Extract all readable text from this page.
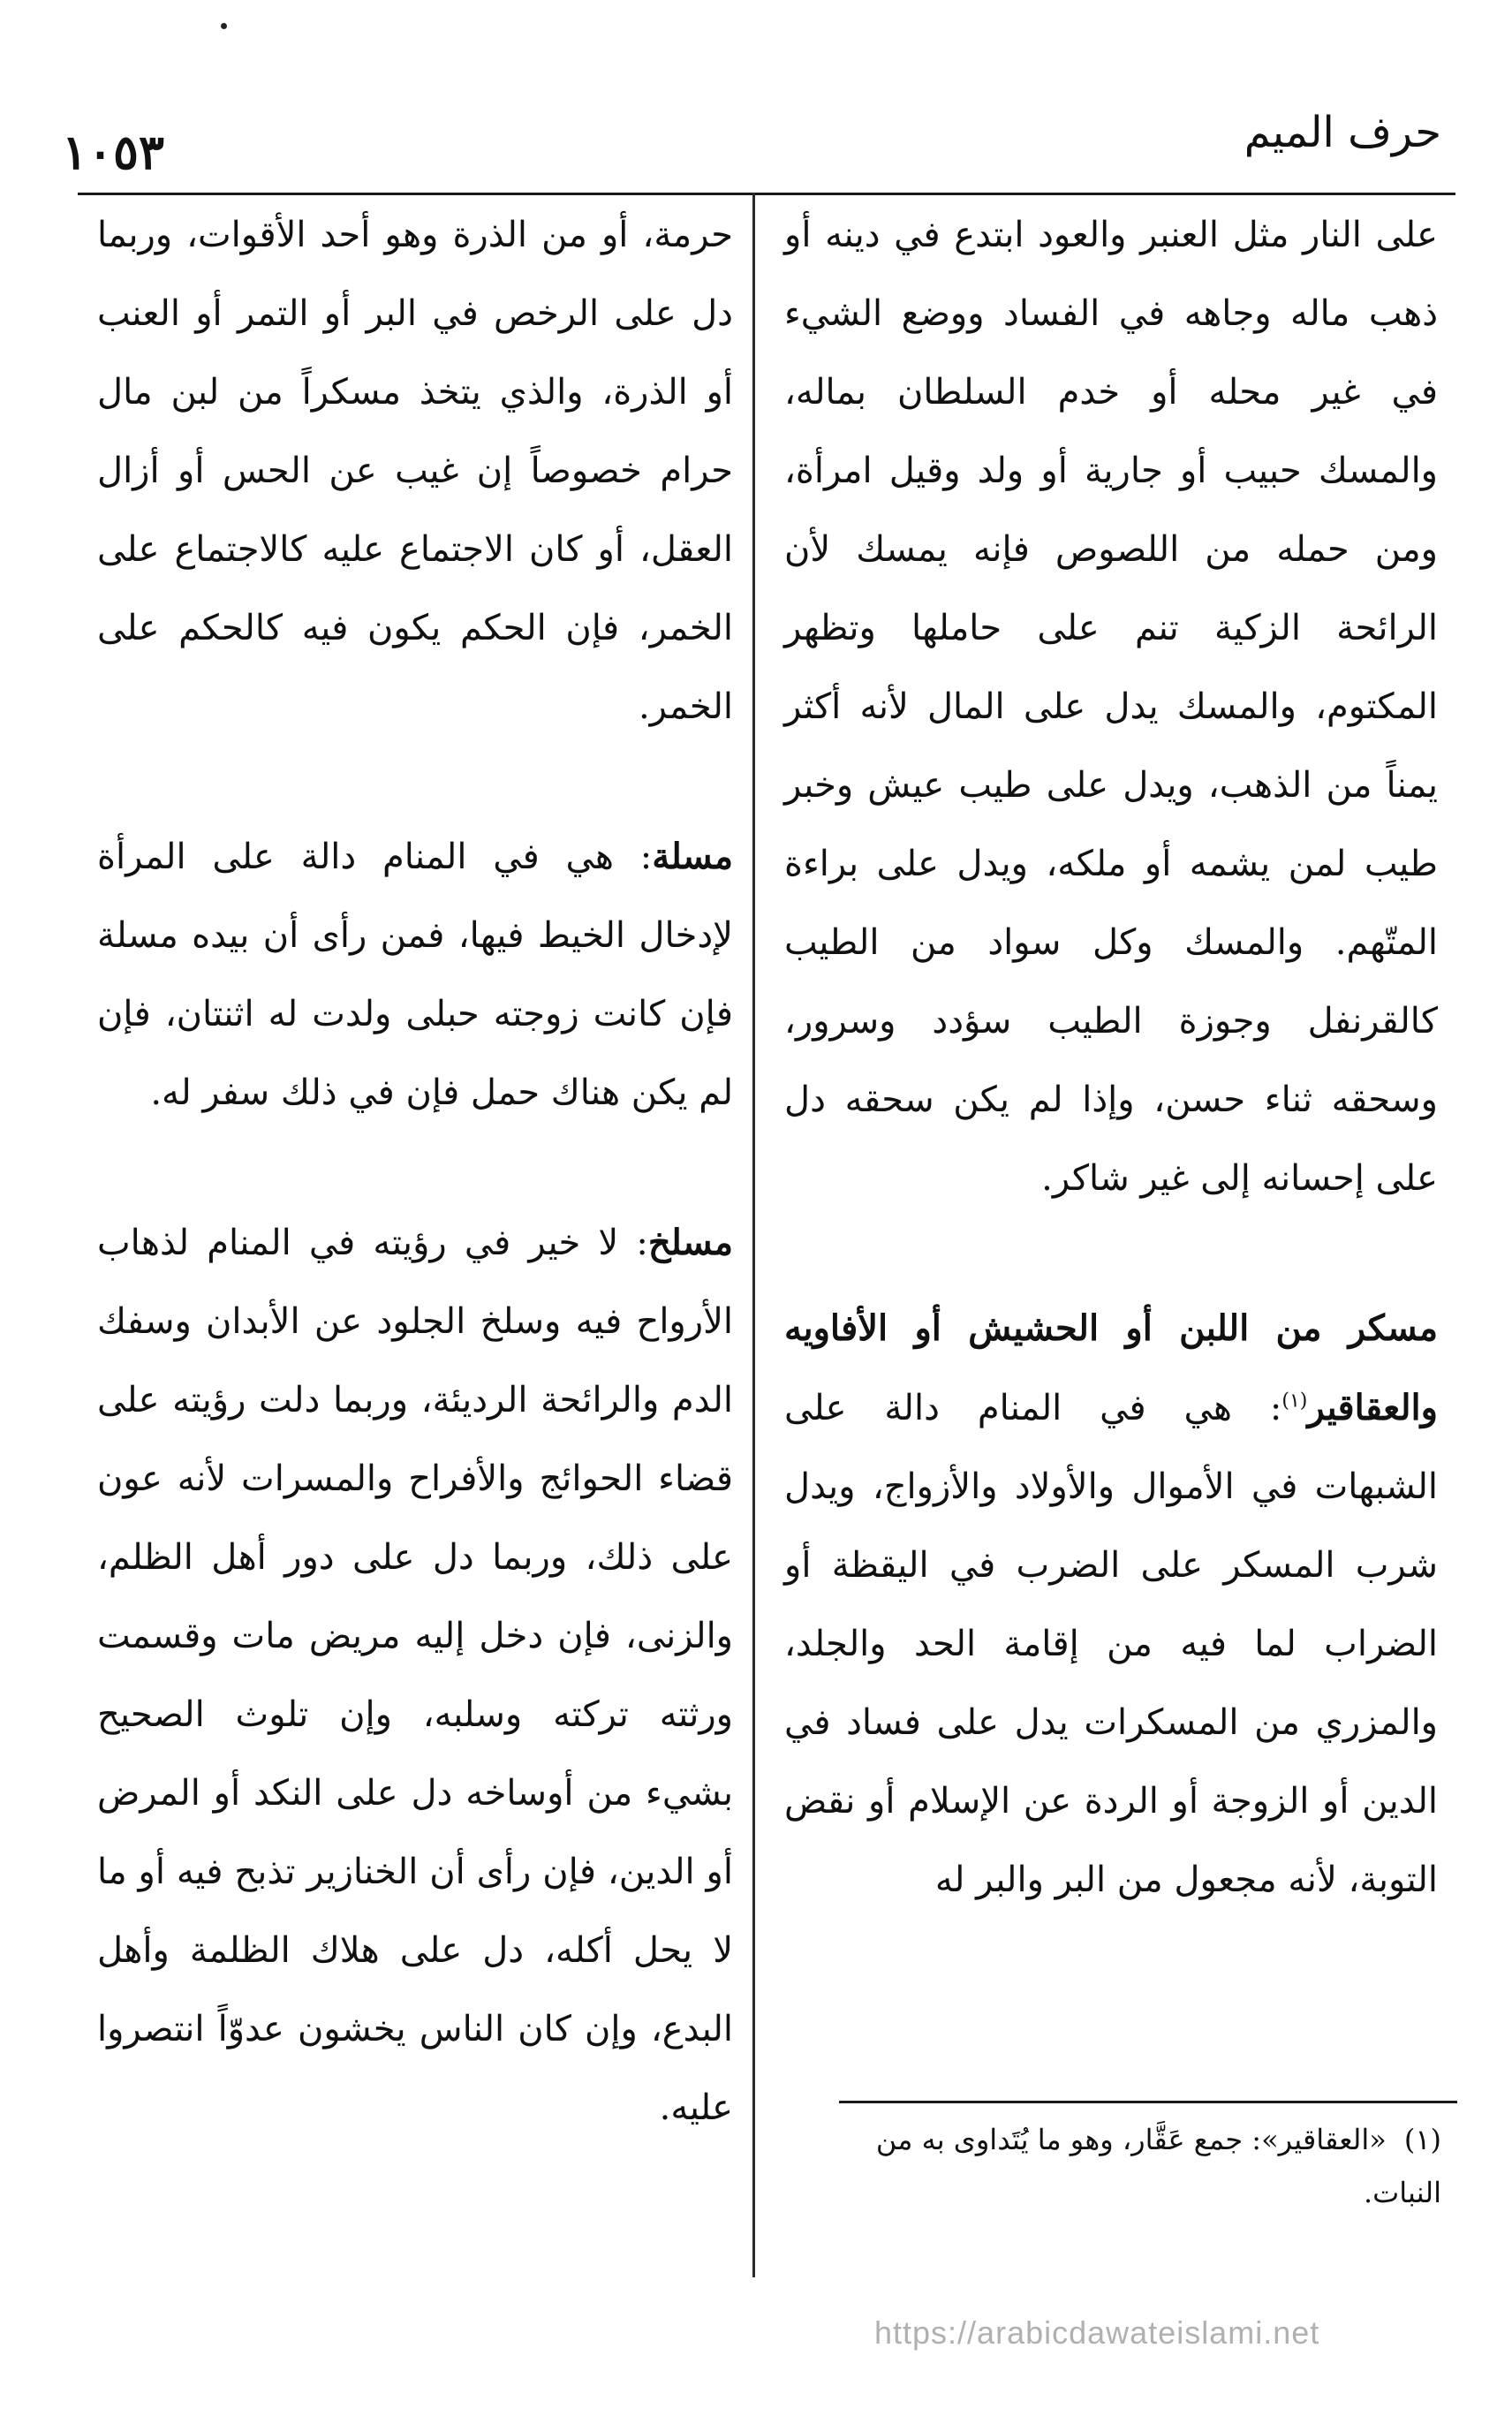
حرف الميم
١٠٥٣

على النار مثل العنبر والعود ابتدع في دينه أو ذهب ماله وجاهه في الفساد ووضع الشيء في غير محله أو خدم السلطان بماله، والمسك حبيب أو جارية أو ولد وقيل امرأة، ومن حمله من اللصوص فإنه يمسك لأن الرائحة الزكية تنم على حاملها وتظهر المكتوم، والمسك يدل على المال لأنه أكثر يمناً من الذهب، ويدل على طيب عيش وخبر طيب لمن يشمه أو ملكه، ويدل على براءة المتّهم. والمسك وكل سواد من الطيب كالقرنفل وجوزة الطيب سؤدد وسرور، وسحقه ثناء حسن، وإذا لم يكن سحقه دل على إحسانه إلى غير شاكر.

مسكر من اللبن أو الحشيش أو الأفاويه والعقاقير$^{(١)}$: هي في المنام دالة على الشبهات في الأموال والأولاد والأزواج، ويدل شرب المسكر على الضرب في اليقظة أو الضراب لما فيه من إقامة الحد والجلد، والمزري من المسكرات يدل على فساد في الدين أو الزوجة أو الردة عن الإسلام أو نقض التوبة، لأنه مجعول من البر والبر له

حرمة، أو من الذرة وهو أحد الأقوات، وربما دل على الرخص في البر أو التمر أو العنب أو الذرة، والذي يتخذ مسكراً من لبن مال حرام خصوصاً إن غيب عن الحس أو أزال العقل، أو كان الاجتماع عليه كالاجتماع على الخمر، فإن الحكم يكون فيه كالحكم على الخمر.

مسلة: هي في المنام دالة على المرأة لإدخال الخيط فيها، فمن رأى أن بيده مسلة فإن كانت زوجته حبلى ولدت له اثنتان، فإن لم يكن هناك حمل فإن في ذلك سفر له.

مسلخ: لا خير في رؤيته في المنام لذهاب الأرواح فيه وسلخ الجلود عن الأبدان وسفك الدم والرائحة الرديئة، وربما دلت رؤيته على قضاء الحوائج والأفراح والمسرات لأنه عون على ذلك، وربما دل على دور أهل الظلم، والزنى، فإن دخل إليه مريض مات وقسمت ورثته تركته وسلبه، وإن تلوث الصحيح بشيء من أوساخه دل على النكد أو المرض أو الدين، فإن رأى أن الخنازير تذبح فيه أو ما لا يحل أكله، دل على هلاك الظلمة وأهل البدع، وإن كان الناس يخشون عدوّاً انتصروا عليه.

(١)«العقاقير»: جمع عَقَّار، وهو ما يُتَداوى به من النبات.
https://arabicdawateislami.net
